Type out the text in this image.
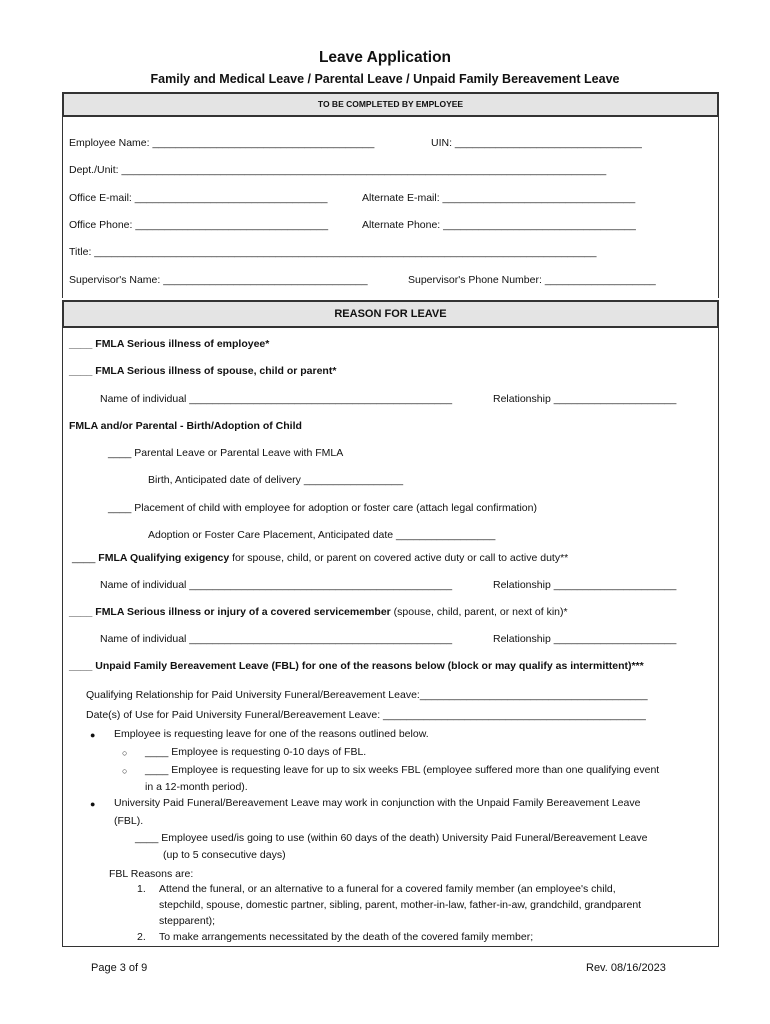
Leave Application
Family and Medical Leave / Parental Leave / Unpaid Family Bereavement Leave
TO BE COMPLETED BY EMPLOYEE
Employee Name: ______________________________________	UIN: ________________________________
Dept./Unit: ___________________________________________________________________________________
Office E-mail: _________________________________	Alternate E-mail: _________________________________
Office Phone: _________________________________	Alternate Phone: _________________________________
Title: ______________________________________________________________________________________
Supervisor's Name: ___________________________________	Supervisor's Phone Number: ___________________
REASON FOR LEAVE
____ FMLA Serious illness of employee*
____ FMLA Serious illness of spouse, child or parent*
Name of individual _____________________________________________	Relationship _____________________
FMLA and/or Parental - Birth/Adoption of Child
____ Parental Leave or Parental Leave with FMLA
Birth, Anticipated date of delivery _________________
____ Placement of child with employee for adoption or foster care (attach legal confirmation)
Adoption or Foster Care Placement, Anticipated date _________________
____ FMLA Qualifying exigency for spouse, child, or parent on covered active duty or call to active duty**
Name of individual _____________________________________________	Relationship _____________________
____ FMLA Serious illness or injury of a covered servicemember (spouse, child, parent, or next of kin)*
Name of individual _____________________________________________	Relationship _____________________
____ Unpaid Family Bereavement Leave (FBL) for one of the reasons below (block or may qualify as intermittent)***
Qualifying Relationship for Paid University Funeral/Bereavement Leave:_______________________________________
Date(s) of Use for Paid University Funeral/Bereavement Leave: _____________________________________________
● Employee is requesting leave for one of the reasons outlined below.
○ ____ Employee is requesting 0-10 days of FBL.
○ ____ Employee is requesting leave for up to six weeks FBL (employee suffered more than one qualifying event
in a 12-month period).
● University Paid Funeral/Bereavement Leave may work in conjunction with the Unpaid Family Bereavement Leave
(FBL).
____ Employee used/is going to use (within 60 days of the death) University Paid Funeral/Bereavement Leave
(up to 5 consecutive days)
FBL Reasons are:
1. Attend the funeral, or an alternative to a funeral for a covered family member (an employee's child,
stepchild, spouse, domestic partner, sibling, parent, mother-in-law, father-in-aw, grandchild, grandparent
stepparent);
2. To make arrangements necessitated by the death of the covered family member;
Page 3 of 9	Rev. 08/16/2023
